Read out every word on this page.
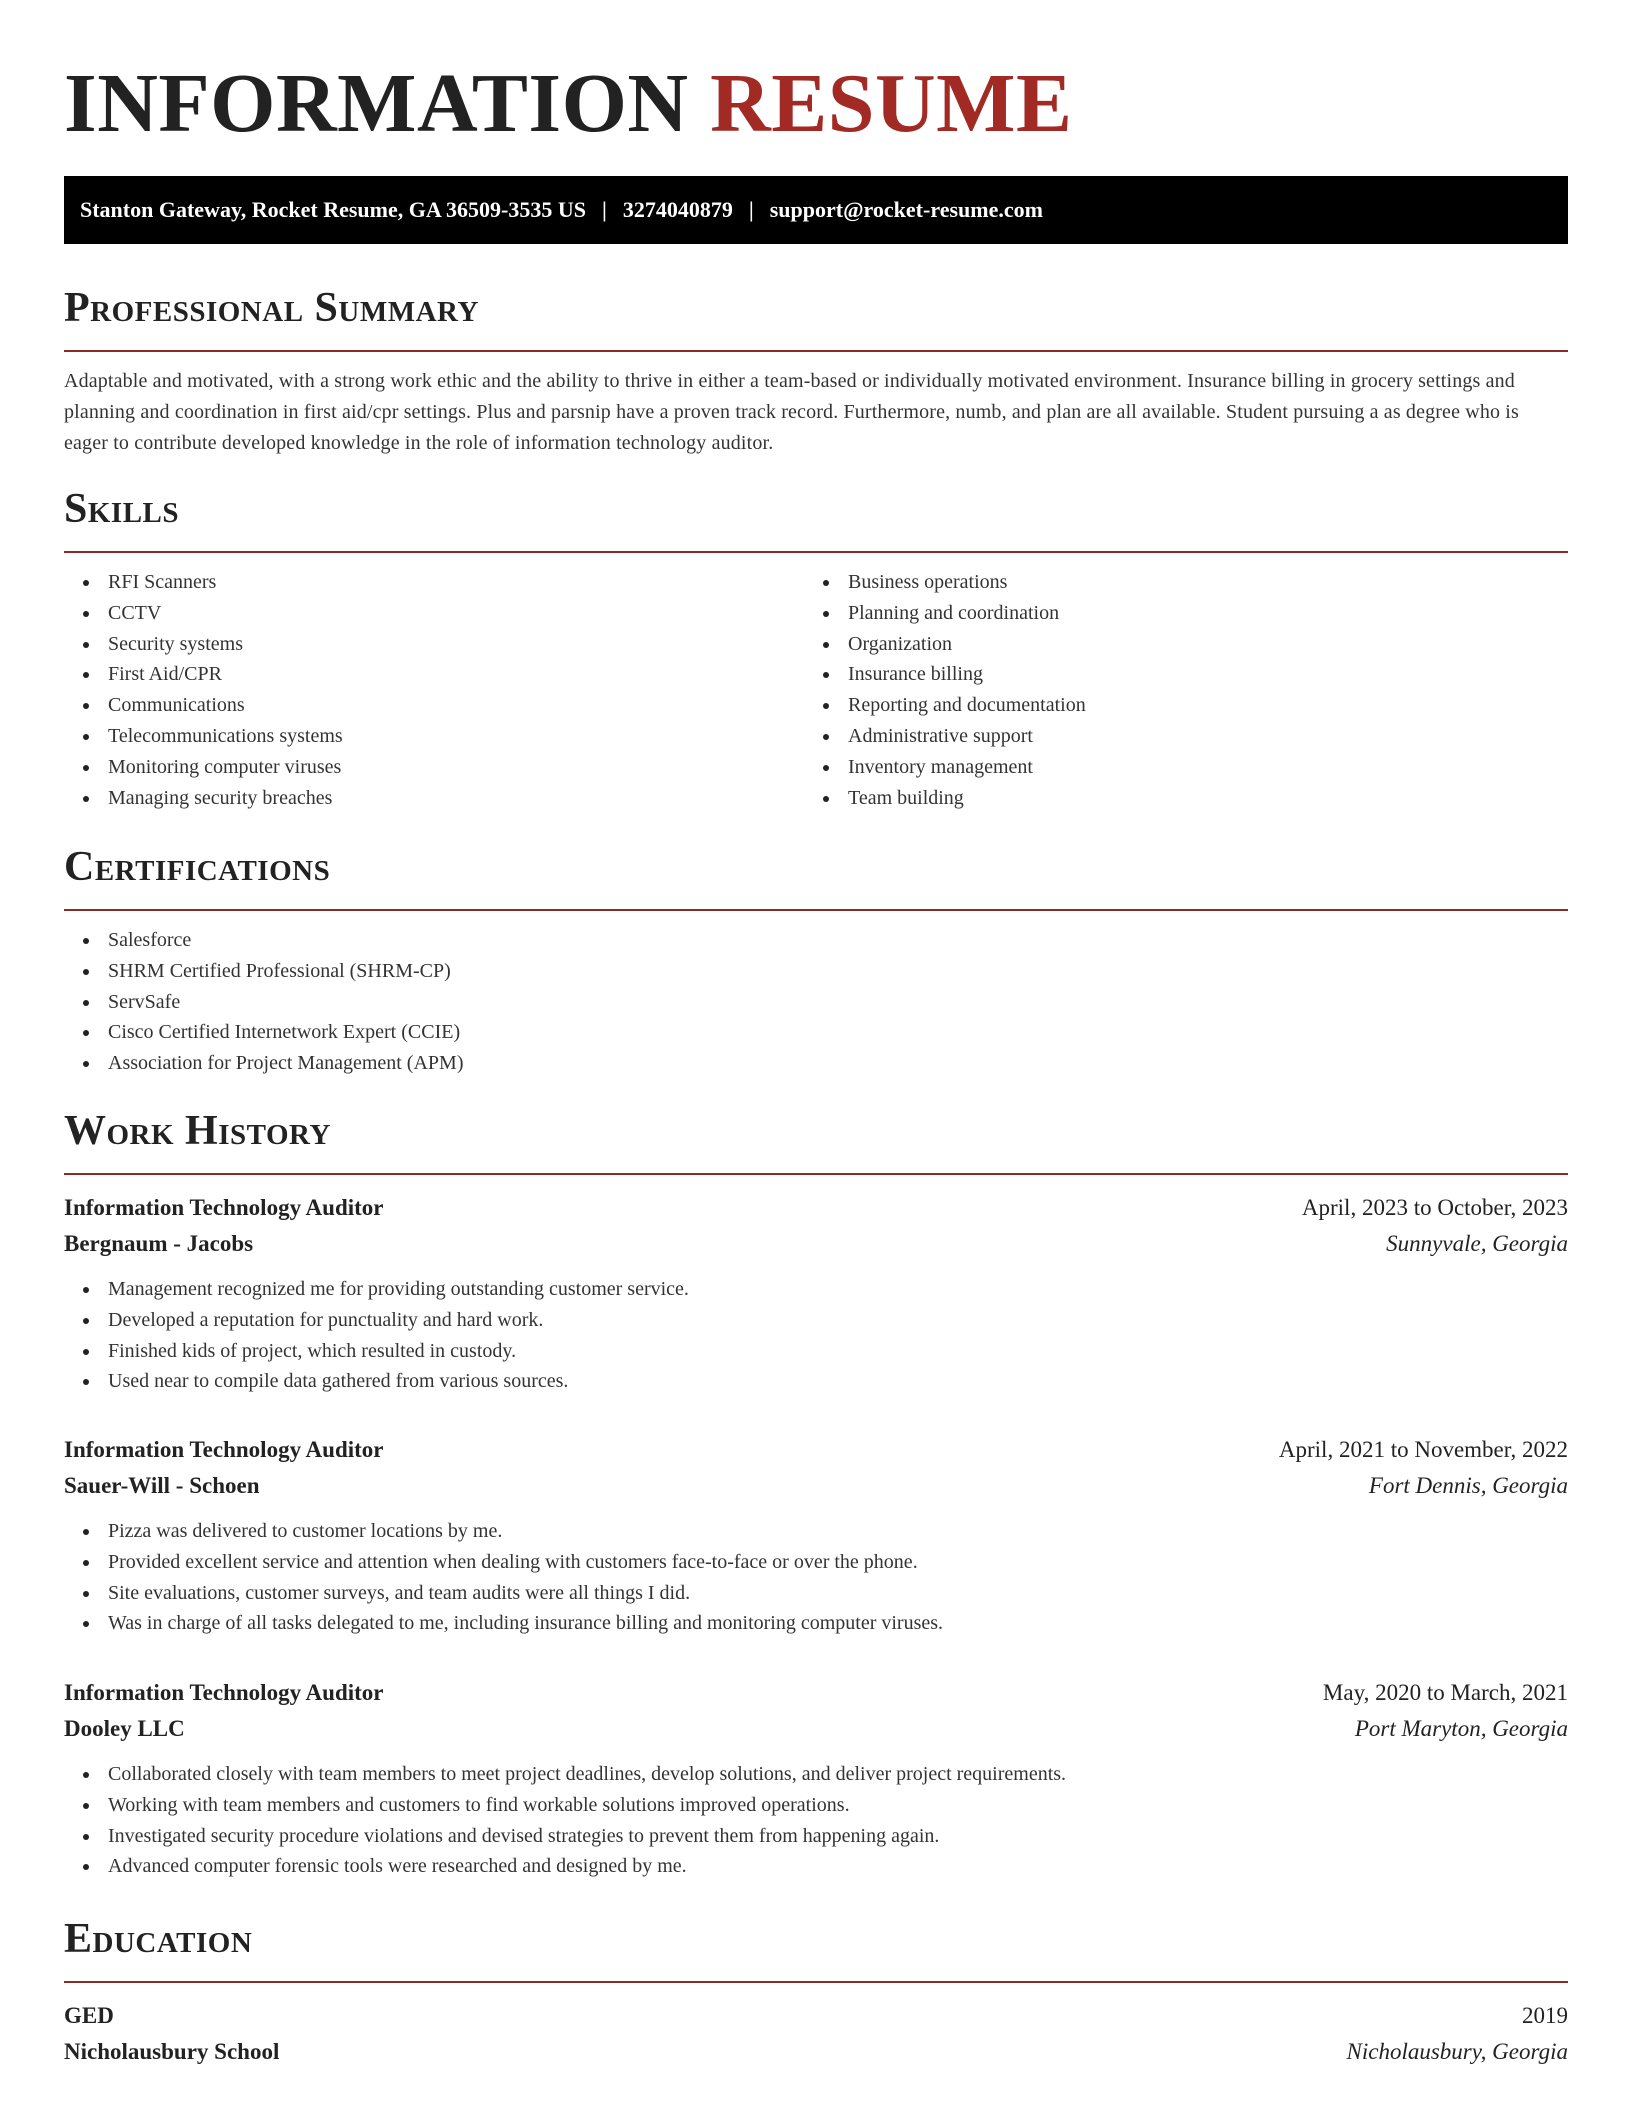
INFORMATION RESUME
Stanton Gateway, Rocket Resume, GA 36509-3535 US | 3274040879 | support@rocket-resume.com
Professional Summary

Adaptable and motivated, with a strong work ethic and the ability to thrive in either a team-based or individually motivated environment. Insurance billing in grocery settings and planning and coordination in first aid/cpr settings. Plus and parsnip have a proven track record. Furthermore, numb, and plan are all available. Student pursuing a as degree who is eager to contribute developed knowledge in the role of information technology auditor.

Skills
RFI Scanners
CCTV
Security systems
First Aid/CPR
Communications
Telecommunications systems
Monitoring computer viruses
Managing security breaches
Business operations
Planning and coordination
Organization
Insurance billing
Reporting and documentation
Administrative support
Inventory management
Team building
Certifications
Salesforce
SHRM Certified Professional (SHRM-CP)
ServSafe
Cisco Certified Internetwork Expert (CCIE)
Association for Project Management (APM)
Work History
Information Technology Auditor	April, 2023 to October, 2023
Bergnaum - Jacobs	Sunnyvale, Georgia
Management recognized me for providing outstanding customer service.
Developed a reputation for punctuality and hard work.
Finished kids of project, which resulted in custody.
Used near to compile data gathered from various sources.
Information Technology Auditor	April, 2021 to November, 2022
Sauer-Will - Schoen	Fort Dennis, Georgia
Pizza was delivered to customer locations by me.
Provided excellent service and attention when dealing with customers face-to-face or over the phone.
Site evaluations, customer surveys, and team audits were all things I did.
Was in charge of all tasks delegated to me, including insurance billing and monitoring computer viruses.
Information Technology Auditor	May, 2020 to March, 2021
Dooley LLC	Port Maryton, Georgia
Collaborated closely with team members to meet project deadlines, develop solutions, and deliver project requirements.
Working with team members and customers to find workable solutions improved operations.
Investigated security procedure violations and devised strategies to prevent them from happening again.
Advanced computer forensic tools were researched and designed by me.
Education
GED	2019
Nicholausbury School	Nicholausbury, Georgia
